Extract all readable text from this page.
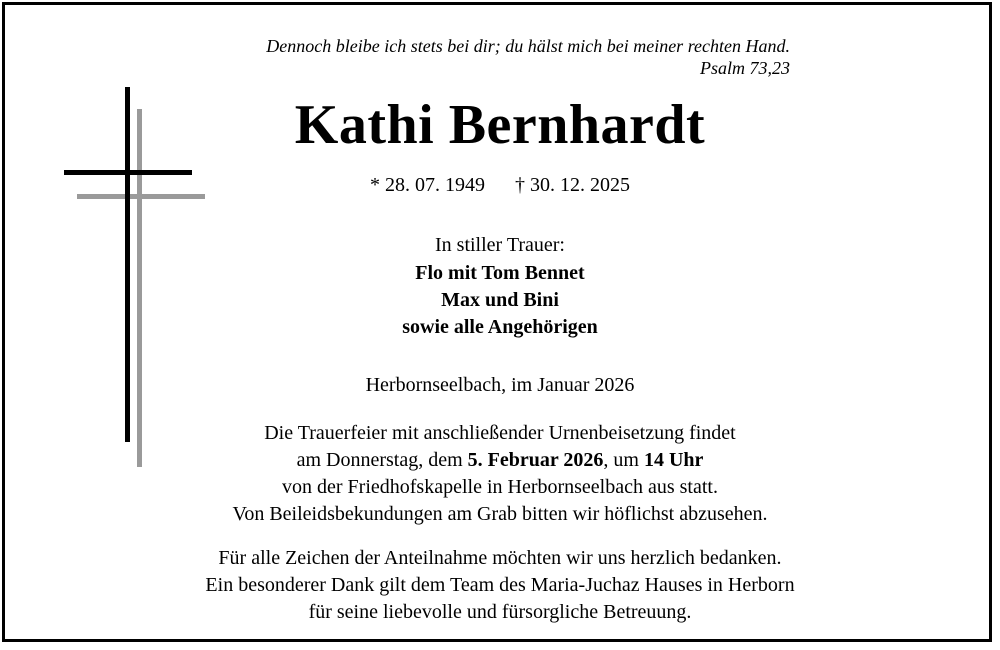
Dennoch bleibe ich stets bei dir; du hälst mich bei meiner rechten Hand.
Psalm 73,23
Kathi Bernhardt
* 28. 07. 1949 † 30. 12. 2025
In stiller Trauer:
Flo mit Tom Bennet
Max und Bini
sowie alle Angehörigen
Herbornseelbach, im Januar 2026
Die Trauerfeier mit anschließender Urnenbeisetzung findet
am Donnerstag, dem 5. Februar 2026, um 14 Uhr
von der Friedhofskapelle in Herbornseelbach aus statt.
Von Beileidsbekundungen am Grab bitten wir höflichst abzusehen.
Für alle Zeichen der Anteilnahme möchten wir uns herzlich bedanken.
Ein besonderer Dank gilt dem Team des Maria-Juchaz Hauses in Herborn
für seine liebevolle und fürsorgliche Betreuung.
